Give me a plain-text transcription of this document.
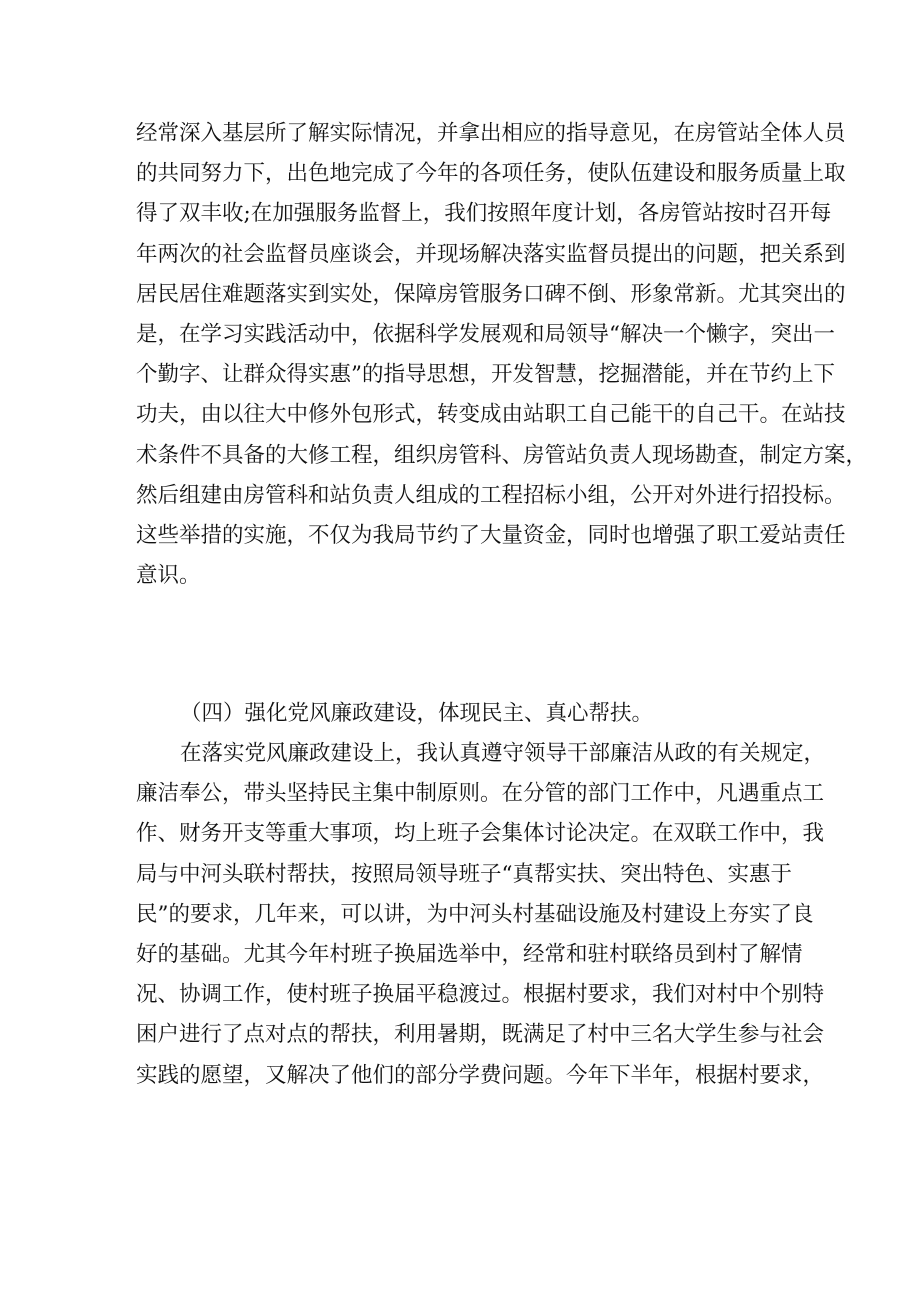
经常深入基层所了解实际情况，并拿出相应的指导意见，在房管站全体人员
的共同努力下，出色地完成了今年的各项任务，使队伍建设和服务质量上取
得了双丰收;在加强服务监督上，我们按照年度计划，各房管站按时召开每
年两次的社会监督员座谈会，并现场解决落实监督员提出的问题，把关系到
居民居住难题落实到实处，保障房管服务口碑不倒、形象常新。尤其突出的
是，在学习实践活动中，依据科学发展观和局领导“解决一个懒字，突出一
个勤字、让群众得实惠”的指导思想，开发智慧，挖掘潜能，并在节约上下
功夫，由以往大中修外包形式，转变成由站职工自己能干的自己干。在站技
术条件不具备的大修工程，组织房管科、房管站负责人现场勘查，制定方案，
然后组建由房管科和站负责人组成的工程招标小组，公开对外进行招投标。
这些举措的实施，不仅为我局节约了大量资金，同时也增强了职工爱站责任
意识。
（四）强化党风廉政建设，体现民主、真心帮扶。
在落实党风廉政建设上，我认真遵守领导干部廉洁从政的有关规定，
廉洁奉公，带头坚持民主集中制原则。在分管的部门工作中，凡遇重点工
作、财务开支等重大事项，均上班子会集体讨论决定。在双联工作中，我
局与中河头联村帮扶，按照局领导班子“真帮实扶、突出特色、实惠于
民”的要求，几年来，可以讲，为中河头村基础设施及村建设上夯实了良
好的基础。尤其今年村班子换届选举中，经常和驻村联络员到村了解情
况、协调工作，使村班子换届平稳渡过。根据村要求，我们对村中个别特
困户进行了点对点的帮扶，利用暑期，既满足了村中三名大学生参与社会
实践的愿望，又解决了他们的部分学费问题。今年下半年，根据村要求，
